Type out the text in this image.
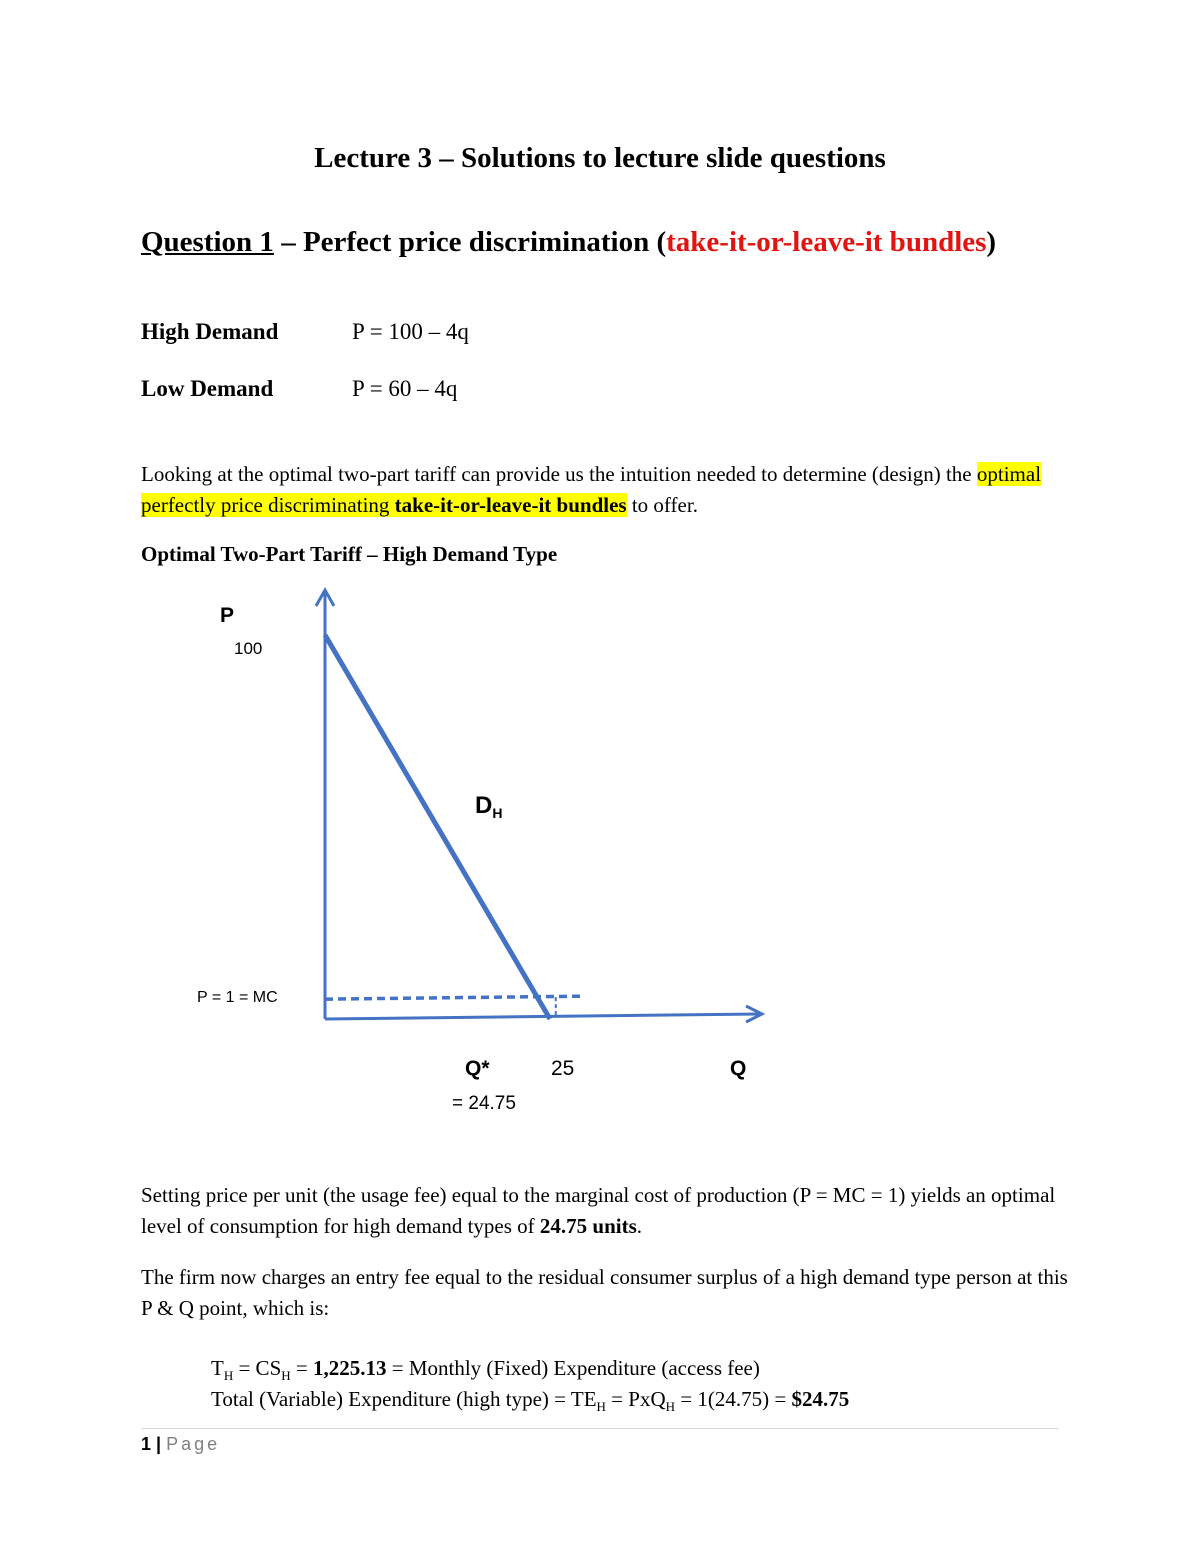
Lecture 3 – Solutions to lecture slide questions
Question 1 – Perfect price discrimination (take-it-or-leave-it bundles)
High Demand	P = 100 – 4q
Low Demand	P = 60 – 4q
Looking at the optimal two-part tariff can provide us the intuition needed to determine (design) the optimal perfectly price discriminating take-it-or-leave-it bundles to offer.
Optimal Two-Part Tariff – High Demand Type
P
100
$D_H$
P = 1 = MC
Q*	25	Q
= 24.75
Setting price per unit (the usage fee) equal to the marginal cost of production (P = MC = 1) yields an optimal level of consumption for high demand types of 24.75 units.
The firm now charges an entry fee equal to the residual consumer surplus of a high demand type person at this P & Q point, which is:
$T_H = CS_H = 1,225.13$ = Monthly (Fixed) Expenditure (access fee)
Total (Variable) Expenditure (high type) = $TE_H = PxQ_H = 1(24.75)$ = $24.75
1 | Page
